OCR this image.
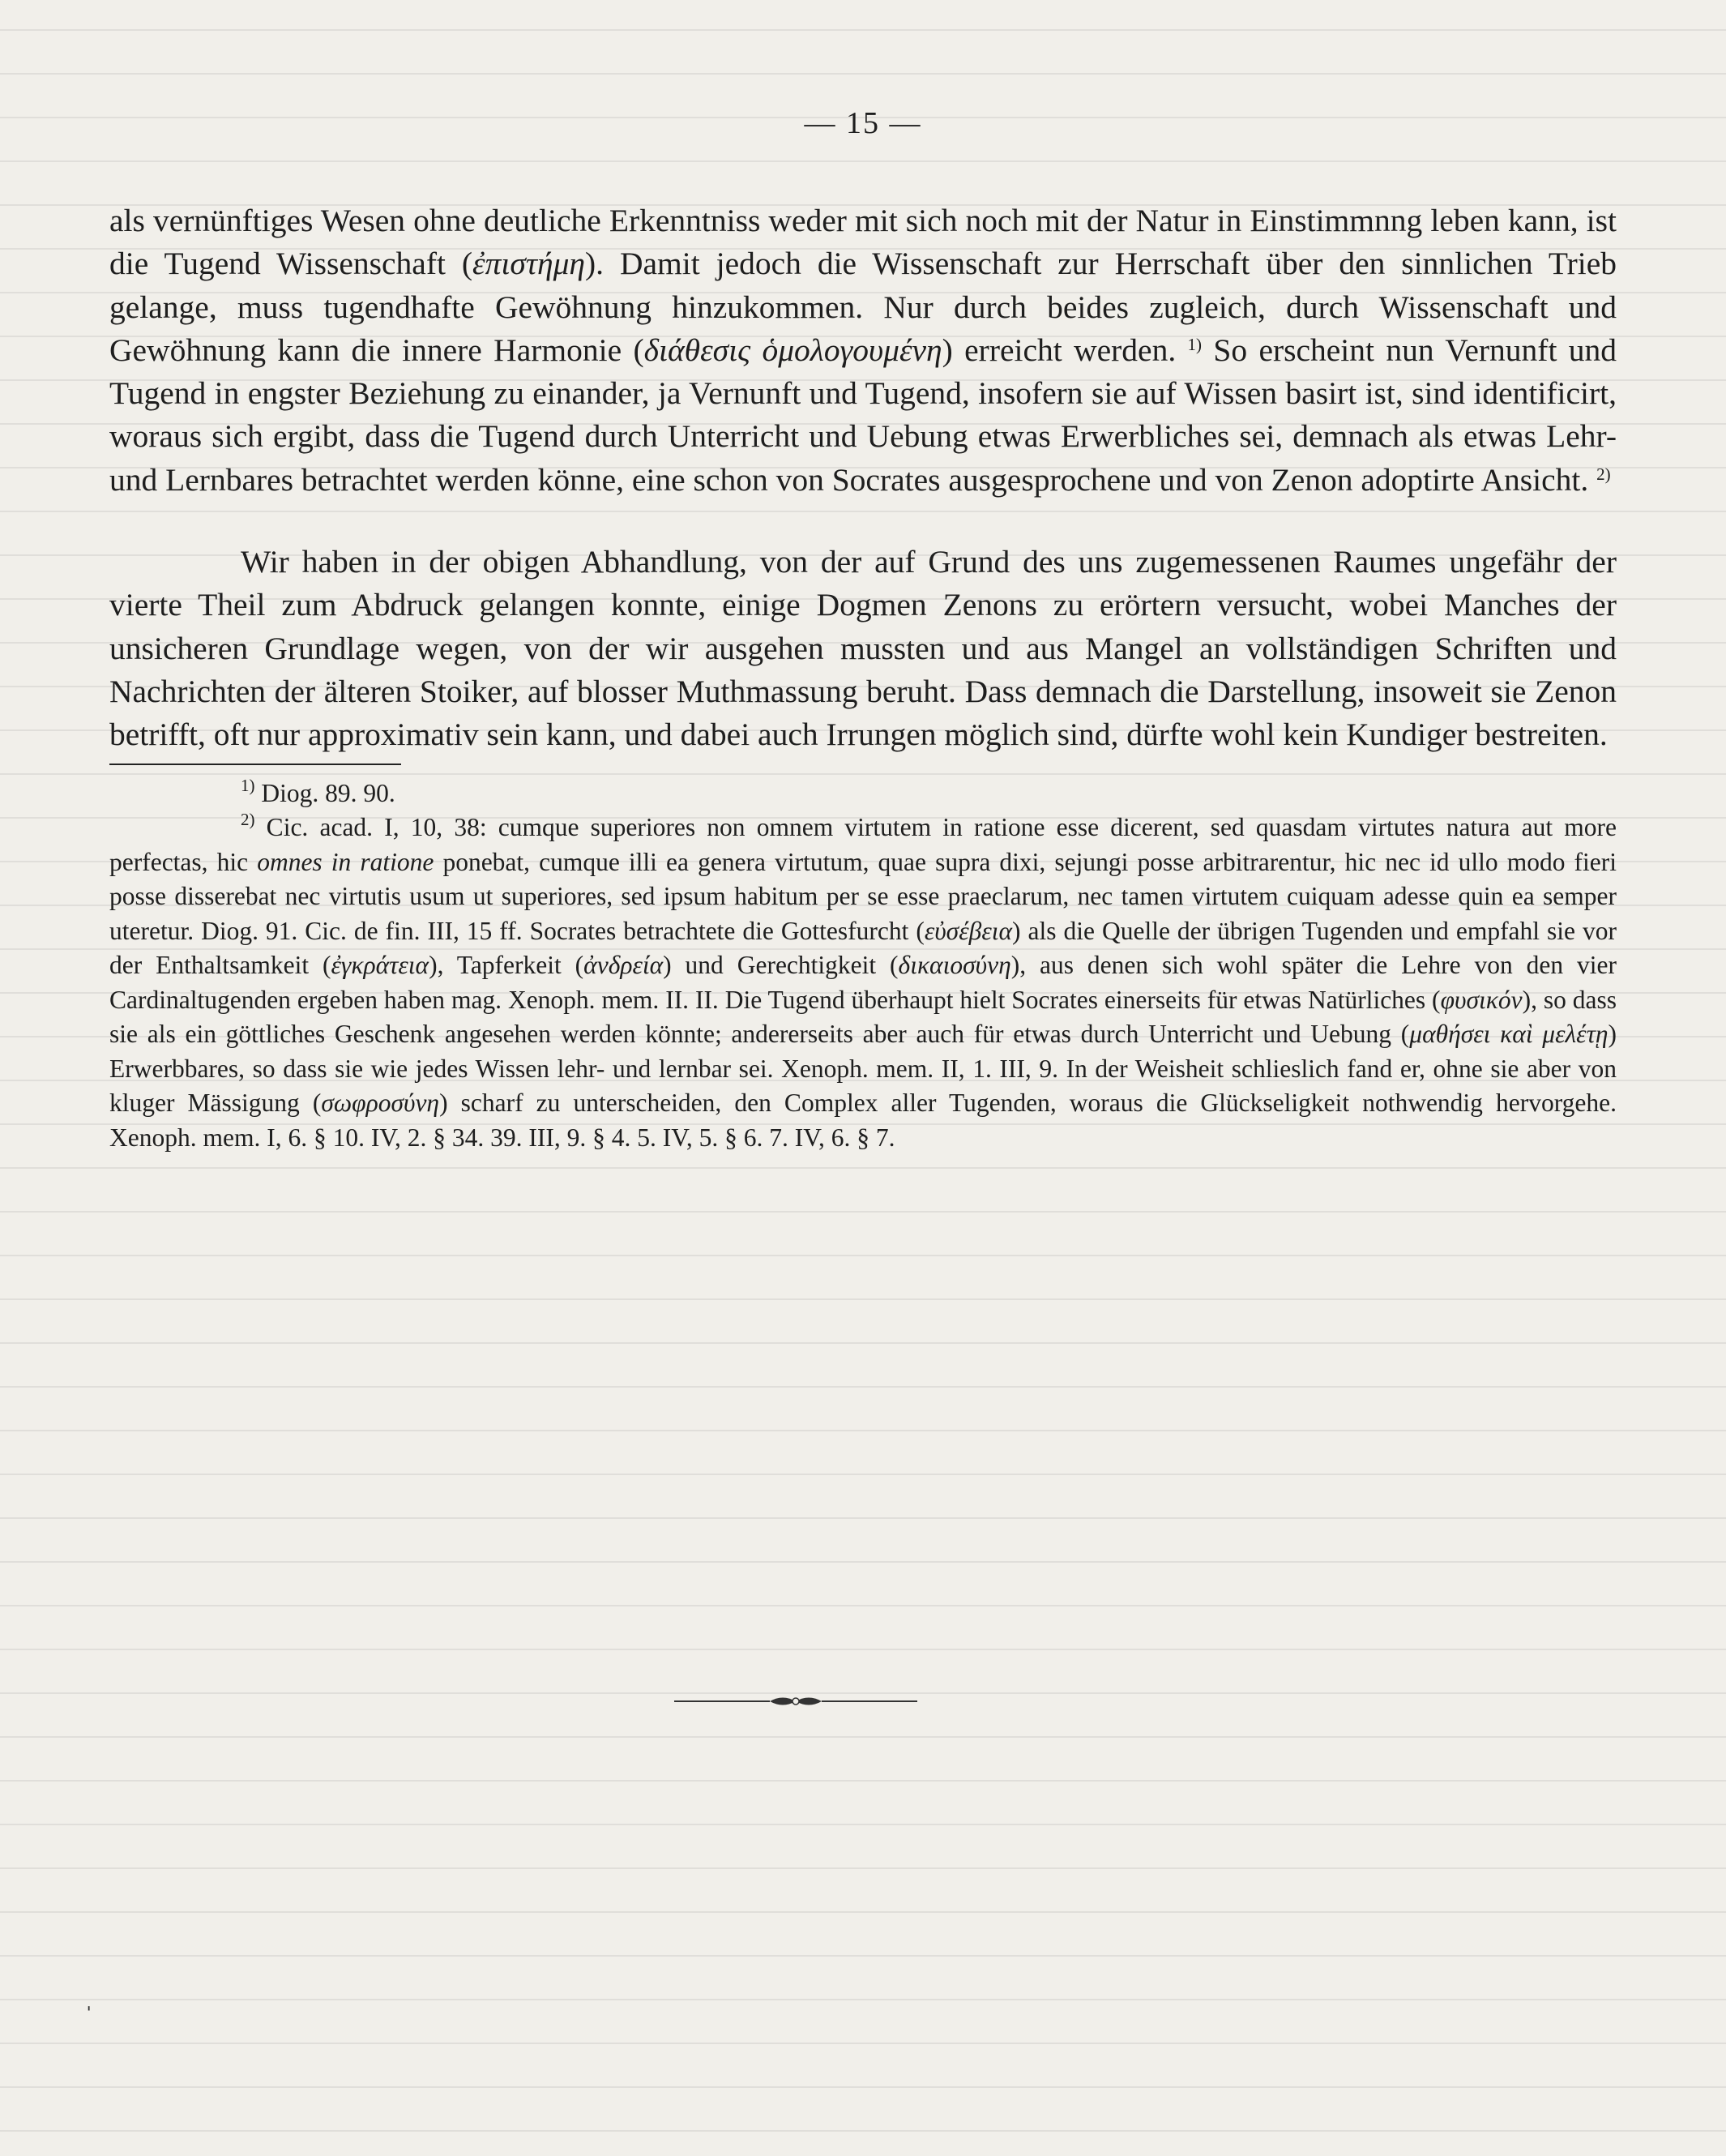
— 15 —

als vernünftiges Wesen ohne deutliche Erkenntniss weder mit sich noch mit der Natur in Einstimmnng leben kann, ist die Tugend Wissenschaft (ἐπιστήμη). Damit jedoch die Wissenschaft zur Herrschaft über den sinnlichen Trieb gelange, muss tugendhafte Gewöhnung hinzukommen. Nur durch beides zugleich, durch Wissenschaft und Gewöhnung kann die innere Harmonie (διάθεσις ὁμολογουμένη) erreicht werden. $^{1)}$ So erscheint nun Vernunft und Tugend in engster Beziehung zu einander, ja Vernunft und Tugend, insofern sie auf Wissen basirt ist, sind identificirt, woraus sich ergibt, dass die Tugend durch Unterricht und Uebung etwas Erwerbliches sei, demnach als etwas Lehr- und Lernbares betrachtet werden könne, eine schon von Socrates ausgesprochene und von Zenon adoptirte Ansicht. $^{2)}$

Wir haben in der obigen Abhandlung, von der auf Grund des uns zugemessenen Raumes ungefähr der vierte Theil zum Abdruck gelangen konnte, einige Dogmen Zenons zu erörtern versucht, wobei Manches der unsicheren Grundlage wegen, von der wir ausgehen mussten und aus Mangel an vollständigen Schriften und Nachrichten der älteren Stoiker, auf blosser Muthmassung beruht. Dass demnach die Darstellung, insoweit sie Zenon betrifft, oft nur approximativ sein kann, und dabei auch Irrungen möglich sind, dürfte wohl kein Kundiger bestreiten.

$^{1)}$ Diog. 89. 90.

$^{2)}$ Cic. acad. I, 10, 38: cumque superiores non omnem virtutem in ratione esse dicerent, sed quasdam virtutes natura aut more perfectas, hic omnes in ratione ponebat, cumque illi ea genera virtutum, quae supra dixi, sejungi posse arbitrarentur, hic nec id ullo modo fieri posse disserebat nec virtutis usum ut superiores, sed ipsum habitum per se esse praeclarum, nec tamen virtutem cuiquam adesse quin ea semper uteretur. Diog. 91. Cic. de fin. III, 15 ff. Socrates betrachtete die Gottesfurcht (εὐσέβεια) als die Quelle der übrigen Tugenden und empfahl sie vor der Enthaltsamkeit (ἐγκράτεια), Tapferkeit (ἀνδρεία) und Gerechtigkeit (δικαιοσύνη), aus denen sich wohl später die Lehre von den vier Cardinaltugenden ergeben haben mag. Xenoph. mem. II. II. Die Tugend überhaupt hielt Socrates einerseits für etwas Natürliches (φυσικόν), so dass sie als ein göttliches Geschenk angesehen werden könnte; andererseits aber auch für etwas durch Unterricht und Uebung (μαθήσει καὶ μελέτῃ) Erwerbbares, so dass sie wie jedes Wissen lehr- und lernbar sei. Xenoph. mem. II, 1. III, 9. In der Weisheit schlieslich fand er, ohne sie aber von kluger Mässigung (σωφροσύνη) scharf zu unterscheiden, den Complex aller Tugenden, woraus die Glückseligkeit nothwendig hervorgehe. Xenoph. mem. I, 6. § 10. IV, 2. § 34. 39. III, 9. § 4. 5. IV, 5. § 6. 7. IV, 6. § 7.

ˈ
